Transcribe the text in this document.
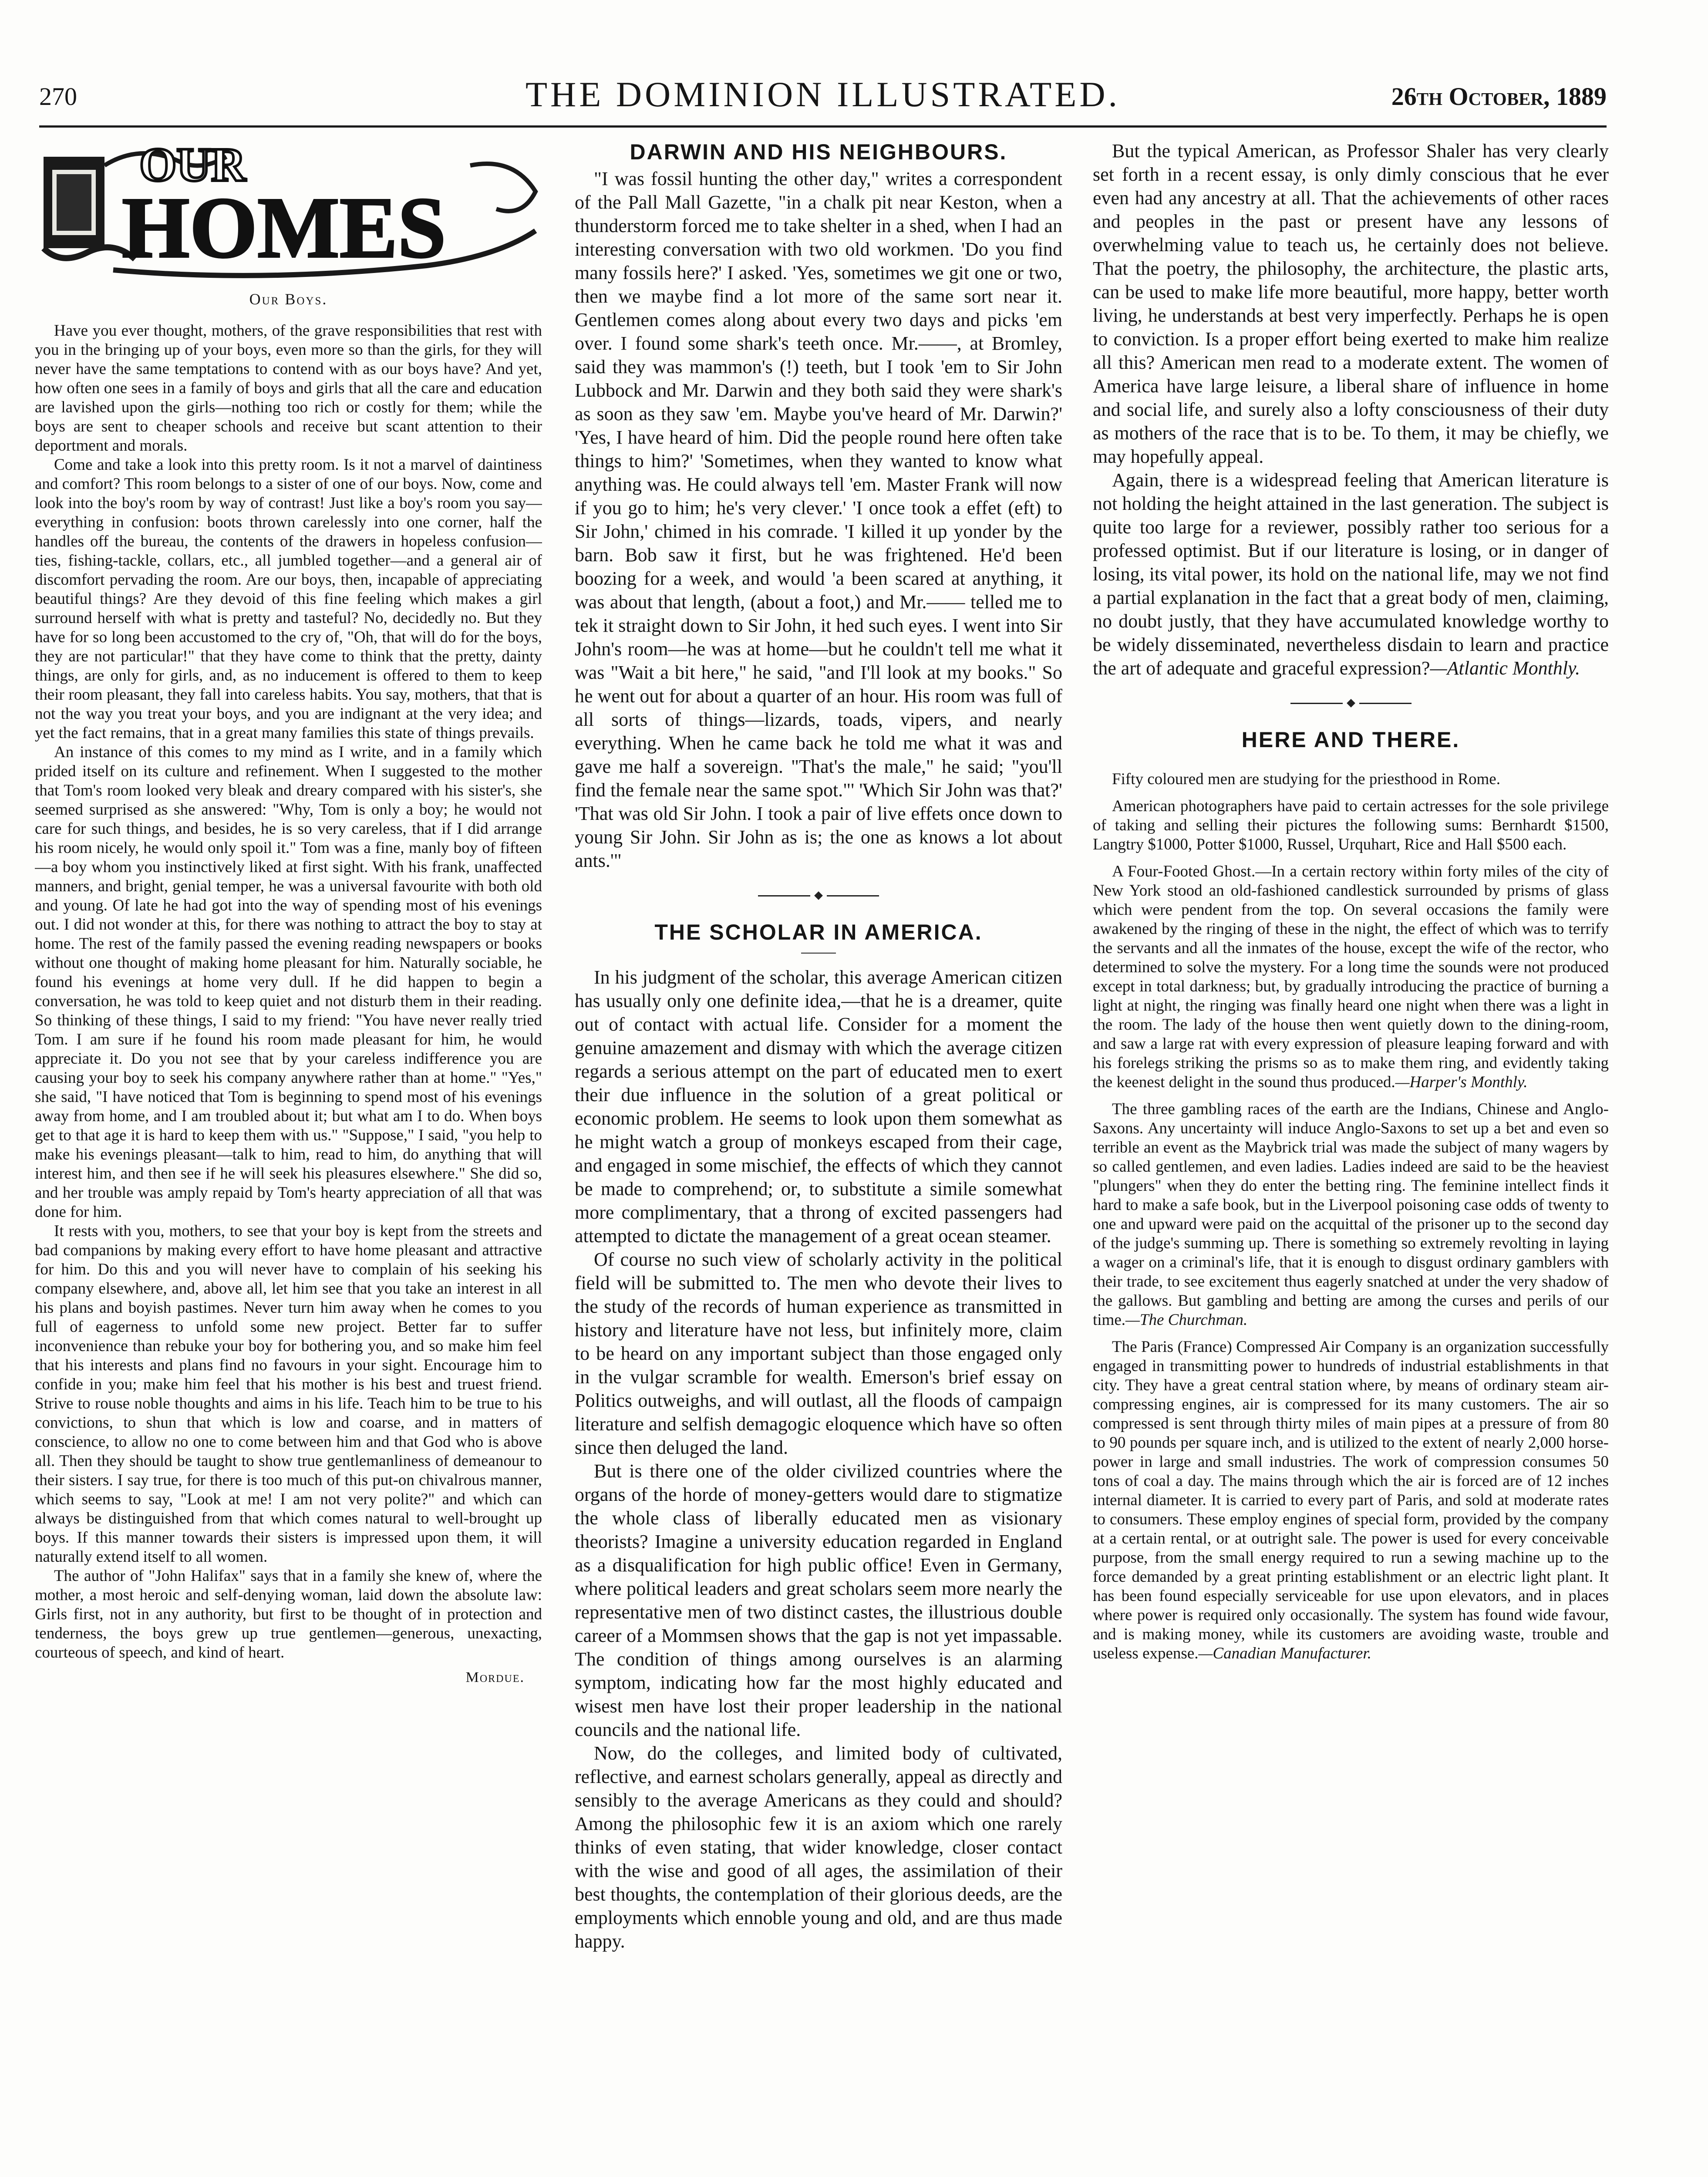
270	THE DOMINION ILLUSTRATED.	26th October, 1889
OUR
HOMES
Our Boys.

Have you ever thought, mothers, of the grave responsibilities that rest with you in the bringing up of your boys, even more so than the girls, for they will never have the same temptations to contend with as our boys have? And yet, how often one sees in a family of boys and girls that all the care and education are lavished upon the girls—nothing too rich or costly for them; while the boys are sent to cheaper schools and receive but scant attention to their deportment and morals.

Come and take a look into this pretty room. Is it not a marvel of daintiness and comfort? This room belongs to a sister of one of our boys. Now, come and look into the boy's room by way of contrast! Just like a boy's room you say—everything in confusion: boots thrown carelessly into one corner, half the handles off the bureau, the contents of the drawers in hopeless confusion—ties, fishing-tackle, collars, etc., all jumbled together—and a general air of discomfort pervading the room. Are our boys, then, incapable of appreciating beautiful things? Are they devoid of this fine feeling which makes a girl surround herself with what is pretty and tasteful? No, decidedly no. But they have for so long been accustomed to the cry of, "Oh, that will do for the boys, they are not particular!" that they have come to think that the pretty, dainty things, are only for girls, and, as no inducement is offered to them to keep their room pleasant, they fall into careless habits. You say, mothers, that that is not the way you treat your boys, and you are indignant at the very idea; and yet the fact remains, that in a great many families this state of things prevails.

An instance of this comes to my mind as I write, and in a family which prided itself on its culture and refinement. When I suggested to the mother that Tom's room looked very bleak and dreary compared with his sister's, she seemed surprised as she answered: "Why, Tom is only a boy; he would not care for such things, and besides, he is so very careless, that if I did arrange his room nicely, he would only spoil it." Tom was a fine, manly boy of fifteen—a boy whom you instinctively liked at first sight. With his frank, unaffected manners, and bright, genial temper, he was a universal favourite with both old and young. Of late he had got into the way of spending most of his evenings out. I did not wonder at this, for there was nothing to attract the boy to stay at home. The rest of the family passed the evening reading newspapers or books without one thought of making home pleasant for him. Naturally sociable, he found his evenings at home very dull. If he did happen to begin a conversation, he was told to keep quiet and not disturb them in their reading. So thinking of these things, I said to my friend: "You have never really tried Tom. I am sure if he found his room made pleasant for him, he would appreciate it. Do you not see that by your careless indifference you are causing your boy to seek his company anywhere rather than at home." "Yes," she said, "I have noticed that Tom is beginning to spend most of his evenings away from home, and I am troubled about it; but what am I to do. When boys get to that age it is hard to keep them with us." "Suppose," I said, "you help to make his evenings pleasant—talk to him, read to him, do anything that will interest him, and then see if he will seek his pleasures elsewhere." She did so, and her trouble was amply repaid by Tom's hearty appreciation of all that was done for him.

It rests with you, mothers, to see that your boy is kept from the streets and bad companions by making every effort to have home pleasant and attractive for him. Do this and you will never have to complain of his seeking his company elsewhere, and, above all, let him see that you take an interest in all his plans and boyish pastimes. Never turn him away when he comes to you full of eagerness to unfold some new project. Better far to suffer inconvenience than rebuke your boy for bothering you, and so make him feel that his interests and plans find no favours in your sight. Encourage him to confide in you; make him feel that his mother is his best and truest friend. Strive to rouse noble thoughts and aims in his life. Teach him to be true to his convictions, to shun that which is low and coarse, and in matters of conscience, to allow no one to come between him and that God who is above all. Then they should be taught to show true gentlemanliness of demeanour to their sisters. I say true, for there is too much of this put-on chivalrous manner, which seems to say, "Look at me! I am not very polite?" and which can always be distinguished from that which comes natural to well-brought up boys. If this manner towards their sisters is impressed upon them, it will naturally extend itself to all women.

The author of "John Halifax" says that in a family she knew of, where the mother, a most heroic and self-denying woman, laid down the absolute law: Girls first, not in any authority, but first to be thought of in protection and tenderness, the boys grew up true gentlemen—generous, unexacting, courteous of speech, and kind of heart.

Mordue.
DARWIN AND HIS NEIGHBOURS.

"I was fossil hunting the other day," writes a correspondent of the Pall Mall Gazette, "in a chalk pit near Keston, when a thunderstorm forced me to take shelter in a shed, when I had an interesting conversation with two old workmen. 'Do you find many fossils here?' I asked. 'Yes, sometimes we git one or two, then we maybe find a lot more of the same sort near it. Gentlemen comes along about every two days and picks 'em over. I found some shark's teeth once. Mr.——, at Bromley, said they was mammon's (!) teeth, but I took 'em to Sir John Lubbock and Mr. Darwin and they both said they were shark's as soon as they saw 'em. Maybe you've heard of Mr. Darwin?' 'Yes, I have heard of him. Did the people round here often take things to him?' 'Sometimes, when they wanted to know what anything was. He could always tell 'em. Master Frank will now if you go to him; he's very clever.' 'I once took a effet (eft) to Sir John,' chimed in his comrade. 'I killed it up yonder by the barn. Bob saw it first, but he was frightened. He'd been boozing for a week, and would 'a been scared at anything, it was about that length, (about a foot,) and Mr.—— telled me to tek it straight down to Sir John, it hed such eyes. I went into Sir John's room—he was at home—but he couldn't tell me what it was "Wait a bit here," he said, "and I'll look at my books." So he went out for about a quarter of an hour. His room was full of all sorts of things—lizards, toads, vipers, and nearly everything. When he came back he told me what it was and gave me half a sovereign. "That's the male," he said; "you'll find the female near the same spot."' 'Which Sir John was that?' 'That was old Sir John. I took a pair of live effets once down to young Sir John. Sir John as is; the one as knows a lot about ants.'"

THE SCHOLAR IN AMERICA.

In his judgment of the scholar, this average American citizen has usually only one definite idea,—that he is a dreamer, quite out of contact with actual life. Consider for a moment the genuine amazement and dismay with which the average citizen regards a serious attempt on the part of educated men to exert their due influence in the solution of a great political or economic problem. He seems to look upon them somewhat as he might watch a group of monkeys escaped from their cage, and engaged in some mischief, the effects of which they cannot be made to comprehend; or, to substitute a simile somewhat more complimentary, that a throng of excited passengers had attempted to dictate the management of a great ocean steamer.

Of course no such view of scholarly activity in the political field will be submitted to. The men who devote their lives to the study of the records of human experience as transmitted in history and literature have not less, but infinitely more, claim to be heard on any important subject than those engaged only in the vulgar scramble for wealth. Emerson's brief essay on Politics outweighs, and will outlast, all the floods of campaign literature and selfish demagogic eloquence which have so often since then deluged the land.

But is there one of the older civilized countries where the organs of the horde of money-getters would dare to stigmatize the whole class of liberally educated men as visionary theorists? Imagine a university education regarded in England as a disqualification for high public office! Even in Germany, where political leaders and great scholars seem more nearly the representative men of two distinct castes, the illustrious double career of a Mommsen shows that the gap is not yet impassable. The condition of things among ourselves is an alarming symptom, indicating how far the most highly educated and wisest men have lost their proper leadership in the national councils and the national life.

Now, do the colleges, and limited body of cultivated, reflective, and earnest scholars generally, appeal as directly and sensibly to the average Americans as they could and should? Among the philosophic few it is an axiom which one rarely thinks of even stating, that wider knowledge, closer contact with the wise and good of all ages, the assimilation of their best thoughts, the contemplation of their glorious deeds, are the employments which ennoble young and old, and are thus made happy.

But the typical American, as Professor Shaler has very clearly set forth in a recent essay, is only dimly conscious that he ever even had any ancestry at all. That the achievements of other races and peoples in the past or present have any lessons of overwhelming value to teach us, he certainly does not believe. That the poetry, the philosophy, the architecture, the plastic arts, can be used to make life more beautiful, more happy, better worth living, he understands at best very imperfectly. Perhaps he is open to conviction. Is a proper effort being exerted to make him realize all this? American men read to a moderate extent. The women of America have large leisure, a liberal share of influence in home and social life, and surely also a lofty consciousness of their duty as mothers of the race that is to be. To them, it may be chiefly, we may hopefully appeal.

Again, there is a widespread feeling that American literature is not holding the height attained in the last generation. The subject is quite too large for a reviewer, possibly rather too serious for a professed optimist. But if our literature is losing, or in danger of losing, its vital power, its hold on the national life, may we not find a partial explanation in the fact that a great body of men, claiming, no doubt justly, that they have accumulated knowledge worthy to be widely disseminated, nevertheless disdain to learn and practice the art of adequate and graceful expression?—Atlantic Monthly.

HERE AND THERE.

Fifty coloured men are studying for the priesthood in Rome.

American photographers have paid to certain actresses for the sole privilege of taking and selling their pictures the following sums: Bernhardt $1500, Langtry $1000, Potter $1000, Russel, Urquhart, Rice and Hall $500 each.

A Four-Footed Ghost.—In a certain rectory within forty miles of the city of New York stood an old-fashioned candlestick surrounded by prisms of glass which were pendent from the top. On several occasions the family were awakened by the ringing of these in the night, the effect of which was to terrify the servants and all the inmates of the house, except the wife of the rector, who determined to solve the mystery. For a long time the sounds were not produced except in total darkness; but, by gradually introducing the practice of burning a light at night, the ringing was finally heard one night when there was a light in the room. The lady of the house then went quietly down to the dining-room, and saw a large rat with every expression of pleasure leaping forward and with his forelegs striking the prisms so as to make them ring, and evidently taking the keenest delight in the sound thus produced.—Harper's Monthly.

The three gambling races of the earth are the Indians, Chinese and Anglo-Saxons. Any uncertainty will induce Anglo-Saxons to set up a bet and even so terrible an event as the Maybrick trial was made the subject of many wagers by so called gentlemen, and even ladies. Ladies indeed are said to be the heaviest "plungers" when they do enter the betting ring. The feminine intellect finds it hard to make a safe book, but in the Liverpool poisoning case odds of twenty to one and upward were paid on the acquittal of the prisoner up to the second day of the judge's summing up. There is something so extremely revolting in laying a wager on a criminal's life, that it is enough to disgust ordinary gamblers with their trade, to see excitement thus eagerly snatched at under the very shadow of the gallows. But gambling and betting are among the curses and perils of our time.—The Churchman.

The Paris (France) Compressed Air Company is an organization successfully engaged in transmitting power to hundreds of industrial establishments in that city. They have a great central station where, by means of ordinary steam air-compressing engines, air is compressed for its many customers. The air so compressed is sent through thirty miles of main pipes at a pressure of from 80 to 90 pounds per square inch, and is utilized to the extent of nearly 2,000 horse-power in large and small industries. The work of compression consumes 50 tons of coal a day. The mains through which the air is forced are of 12 inches internal diameter. It is carried to every part of Paris, and sold at moderate rates to consumers. These employ engines of special form, provided by the company at a certain rental, or at outright sale. The power is used for every conceivable purpose, from the small energy required to run a sewing machine up to the force demanded by a great printing establishment or an electric light plant. It has been found especially serviceable for use upon elevators, and in places where power is required only occasionally. The system has found wide favour, and is making money, while its customers are avoiding waste, trouble and useless expense.—Canadian Manufacturer.
